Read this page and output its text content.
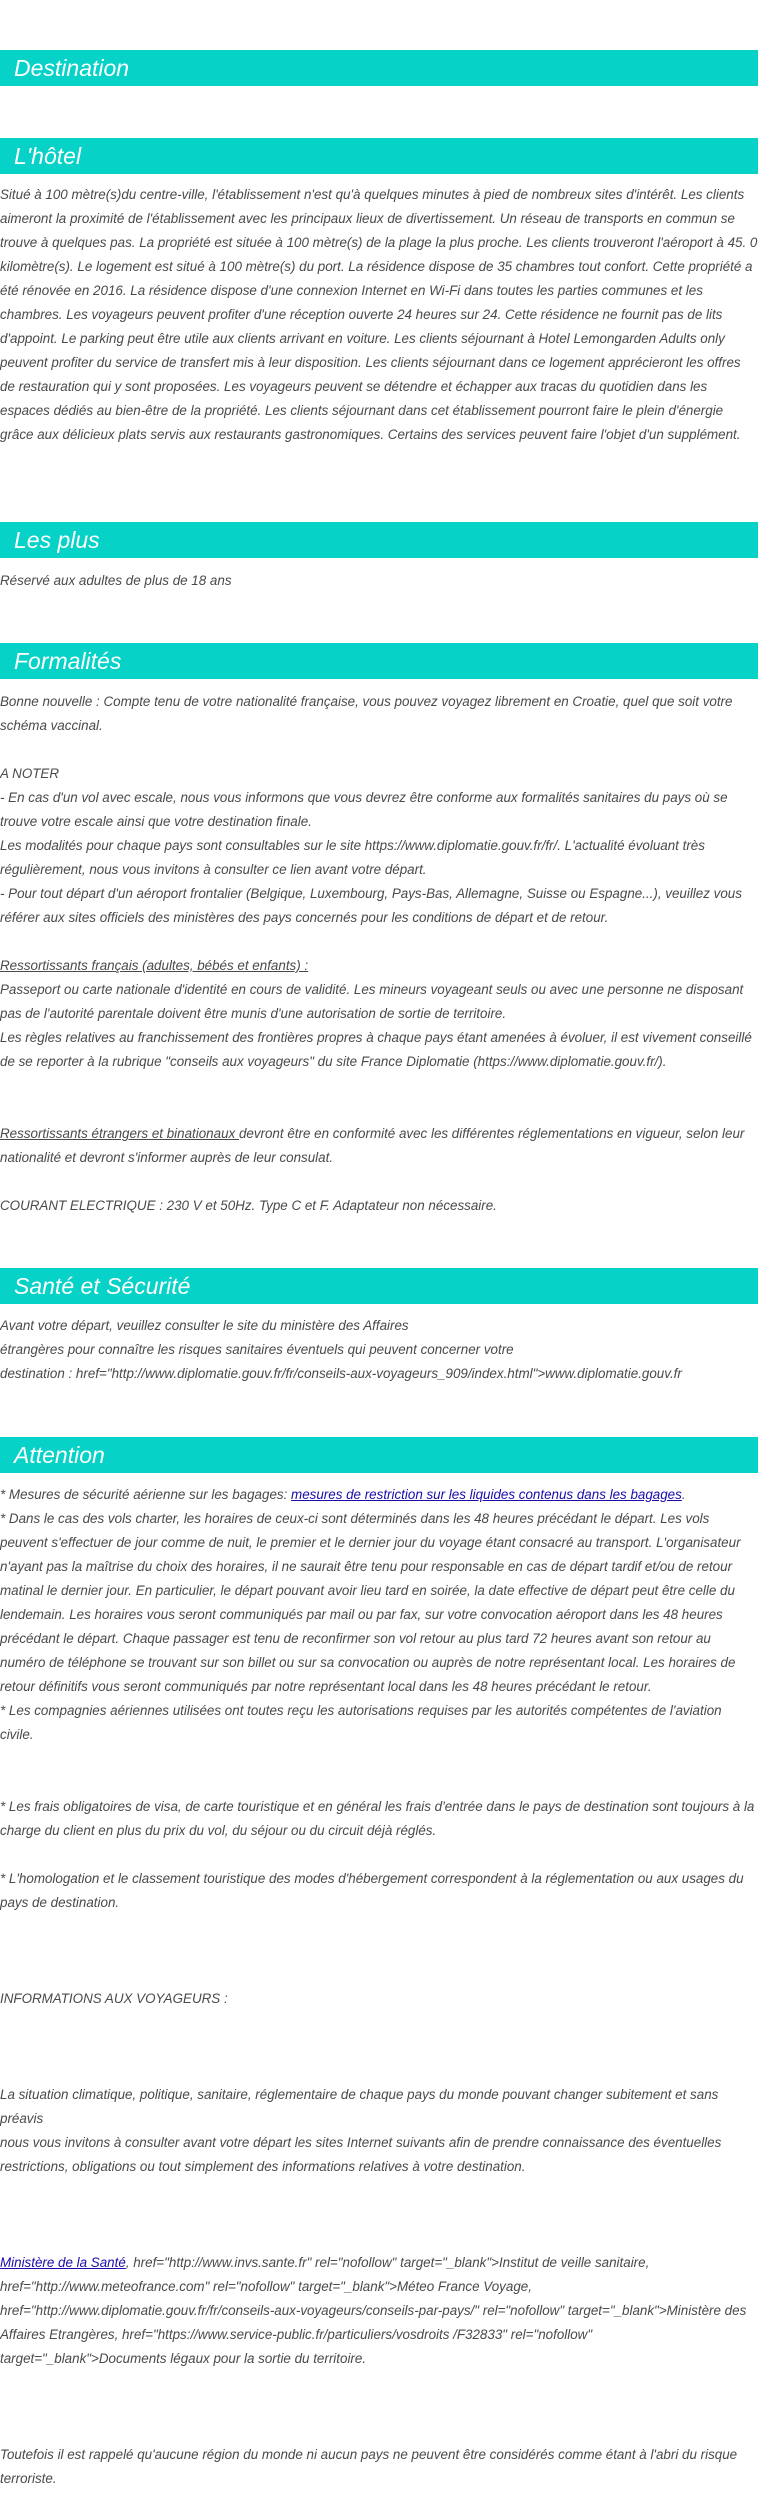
Destination
L'hôtel

Situé à 100 mètre(s)du centre-ville, l'établissement n'est qu'à quelques minutes à pied de nombreux sites d'intérêt. Les clients aimeront la proximité de l'établissement avec les principaux lieux de divertissement. Un réseau de transports en commun se trouve à quelques pas. La propriété est située à 100 mètre(s) de la plage la plus proche. Les clients trouveront l'aéroport à 45. 0 kilomètre(s). Le logement est situé à 100 mètre(s) du port. La résidence dispose de 35 chambres tout confort. Cette propriété a été rénovée en 2016. La résidence dispose d'une connexion Internet en Wi-Fi dans toutes les parties communes et les chambres. Les voyageurs peuvent profiter d'une réception ouverte 24 heures sur 24. Cette résidence ne fournit pas de lits d'appoint. Le parking peut être utile aux clients arrivant en voiture. Les clients séjournant à Hotel Lemongarden Adults only peuvent profiter du service de transfert mis à leur disposition. Les clients séjournant dans ce logement apprécieront les offres de restauration qui y sont proposées. Les voyageurs peuvent se détendre et échapper aux tracas du quotidien dans les espaces dédiés au bien-être de la propriété. Les clients séjournant dans cet établissement pourront faire le plein d'énergie grâce aux délicieux plats servis aux restaurants gastronomiques. Certains des services peuvent faire l'objet d'un supplément.

Les plus

Réservé aux adultes de plus de 18 ans

Formalités

Bonne nouvelle : Compte tenu de votre nationalité française, vous pouvez voyagez librement en Croatie, quel que soit votre schéma vaccinal.

A NOTER

- En cas d'un vol avec escale, nous vous informons que vous devrez être conforme aux formalités sanitaires du pays où se trouve votre escale ainsi que votre destination finale.

Les modalités pour chaque pays sont consultables sur le site https://www.diplomatie.gouv.fr/fr/. L'actualité évoluant très régulièrement, nous vous invitons à consulter ce lien avant votre départ.

- Pour tout départ d'un aéroport frontalier (Belgique, Luxembourg, Pays-Bas, Allemagne, Suisse ou Espagne...), veuillez vous référer aux sites officiels des ministères des pays concernés pour les conditions de départ et de retour.

Ressortissants français (adultes, bébés et enfants) :

Passeport ou carte nationale d'identité en cours de validité. Les mineurs voyageant seuls ou avec une personne ne disposant pas de l'autorité parentale doivent être munis d'une autorisation de sortie de territoire.

Les règles relatives au franchissement des frontières propres à chaque pays étant amenées à évoluer, il est vivement conseillé de se reporter à la rubrique "conseils aux voyageurs" du site France Diplomatie (https://www.diplomatie.gouv.fr/).

Ressortissants étrangers et binationaux devront être en conformité avec les différentes réglementations en vigueur, selon leur nationalité et devront s'informer auprès de leur consulat.

COURANT ELECTRIQUE : 230 V et 50Hz. Type C et F. Adaptateur non nécessaire.

Santé et Sécurité

Avant votre départ, veuillez consulter le site du ministère des Affaires

étrangères pour connaître les risques sanitaires éventuels qui peuvent concerner votre

destination : href="http://www.diplomatie.gouv.fr/fr/conseils-aux-voyageurs_909/index.html">www.diplomatie.gouv.fr

Attention

* Mesures de sécurité aérienne sur les bagages: mesures de restriction sur les liquides contenus dans les bagages.

* Dans le cas des vols charter, les horaires de ceux-ci sont déterminés dans les 48 heures précédant le départ. Les vols peuvent s'effectuer de jour comme de nuit, le premier et le dernier jour du voyage étant consacré au transport. L'organisateur n'ayant pas la maîtrise du choix des horaires, il ne saurait être tenu pour responsable en cas de départ tardif et/ou de retour matinal le dernier jour. En particulier, le départ pouvant avoir lieu tard en soirée, la date effective de départ peut être celle du lendemain. Les horaires vous seront communiqués par mail ou par fax, sur votre convocation aéroport dans les 48 heures précédant le départ. Chaque passager est tenu de reconfirmer son vol retour au plus tard 72 heures avant son retour au numéro de téléphone se trouvant sur son billet ou sur sa convocation ou auprès de notre représentant local. Les horaires de retour définitifs vous seront communiqués par notre représentant local dans les 48 heures précédant le retour.

* Les compagnies aériennes utilisées ont toutes reçu les autorisations requises par les autorités compétentes de l'aviation civile.

* Les frais obligatoires de visa, de carte touristique et en général les frais d'entrée dans le pays de destination sont toujours à la charge du client en plus du prix du vol, du séjour ou du circuit déjà réglés.

* L'homologation et le classement touristique des modes d'hébergement correspondent à la réglementation ou aux usages du pays de destination.

INFORMATIONS AUX VOYAGEURS :

La situation climatique, politique, sanitaire, réglementaire de chaque pays du monde pouvant changer subitement et sans préavis

nous vous invitons à consulter avant votre départ les sites Internet suivants afin de prendre connaissance des éventuelles restrictions, obligations ou tout simplement des informations relatives à votre destination.

Ministère de la Santé, href="http://www.invs.sante.fr" rel="nofollow" target="_blank">Institut de veille sanitaire, href="http://www.meteofrance.com" rel="nofollow" target="_blank">Méteo France Voyage, href="http://www.diplomatie.gouv.fr/fr/conseils-aux-voyageurs/conseils-par-pays/" rel="nofollow" target="_blank">Ministère des Affaires Etrangères, href="https://www.service-public.fr/particuliers/vosdroits /F32833" rel="nofollow" target="_blank">Documents légaux pour la sortie du territoire.

Toutefois il est rappelé qu'aucune région du monde ni aucun pays ne peuvent être considérés comme étant à l'abri du risque terroriste.
